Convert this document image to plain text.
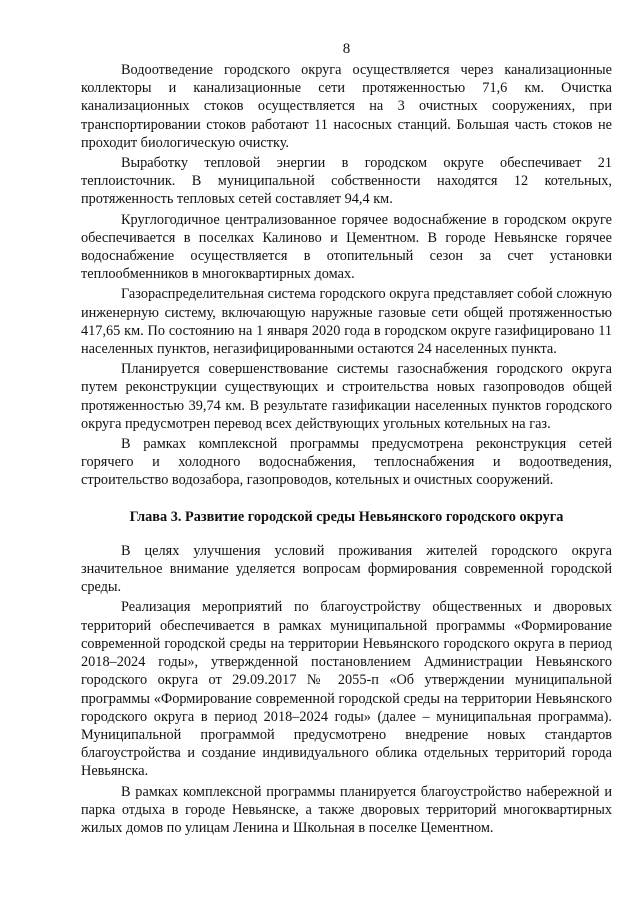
8

Водоотведение городского округа осуществляется через канализационные коллекторы и канализационные сети протяженностью 71,6 км. Очистка канализационных стоков осуществляется на 3 очистных сооружениях, при транспортировании стоков работают 11 насосных станций. Большая часть стоков не проходит биологическую очистку.

Выработку тепловой энергии в городском округе обеспечивает 21 теплоисточник. В муниципальной собственности находятся 12 котельных, протяженность тепловых сетей составляет 94,4 км.

Круглогодичное централизованное горячее водоснабжение в городском округе обеспечивается в поселках Калиново и Цементном. В городе Невьянске горячее водоснабжение осуществляется в отопительный сезон за счет установки теплообменников в многоквартирных домах.

Газораспределительная система городского округа представляет собой сложную инженерную систему, включающую наружные газовые сети общей протяженностью 417,65 км. По состоянию на 1 января 2020 года в городском округе газифицировано 11 населенных пунктов, негазифицированными остаются 24 населенных пункта.

Планируется совершенствование системы газоснабжения городского округа путем реконструкции существующих и строительства новых газопроводов общей протяженностью 39,74 км. В результате газификации населенных пунктов городского округа предусмотрен перевод всех действующих угольных котельных на газ.

В рамках комплексной программы предусмотрена реконструкция сетей горячего и холодного водоснабжения, теплоснабжения и водоотведения, строительство водозабора, газопроводов, котельных и очистных сооружений.

Глава 3. Развитие городской среды Невьянского городского округа

В целях улучшения условий проживания жителей городского округа значительное внимание уделяется вопросам формирования современной городской среды.

Реализация мероприятий по благоустройству общественных и дворовых территорий обеспечивается в рамках муниципальной программы «Формирование современной городской среды на территории Невьянского городского округа в период 2018–2024 годы», утвержденной постановлением Администрации Невьянского городского округа от 29.09.2017 № 2055-п «Об утверждении муниципальной программы «Формирование современной городской среды на территории Невьянского городского округа в период 2018–2024 годы» (далее – муниципальная программа). Муниципальной программой предусмотрено внедрение новых стандартов благоустройства и создание индивидуального облика отдельных территорий города Невьянска.

В рамках комплексной программы планируется благоустройство набережной и парка отдыха в городе Невьянске, а также дворовых территорий многоквартирных жилых домов по улицам Ленина и Школьная в поселке Цементном.
